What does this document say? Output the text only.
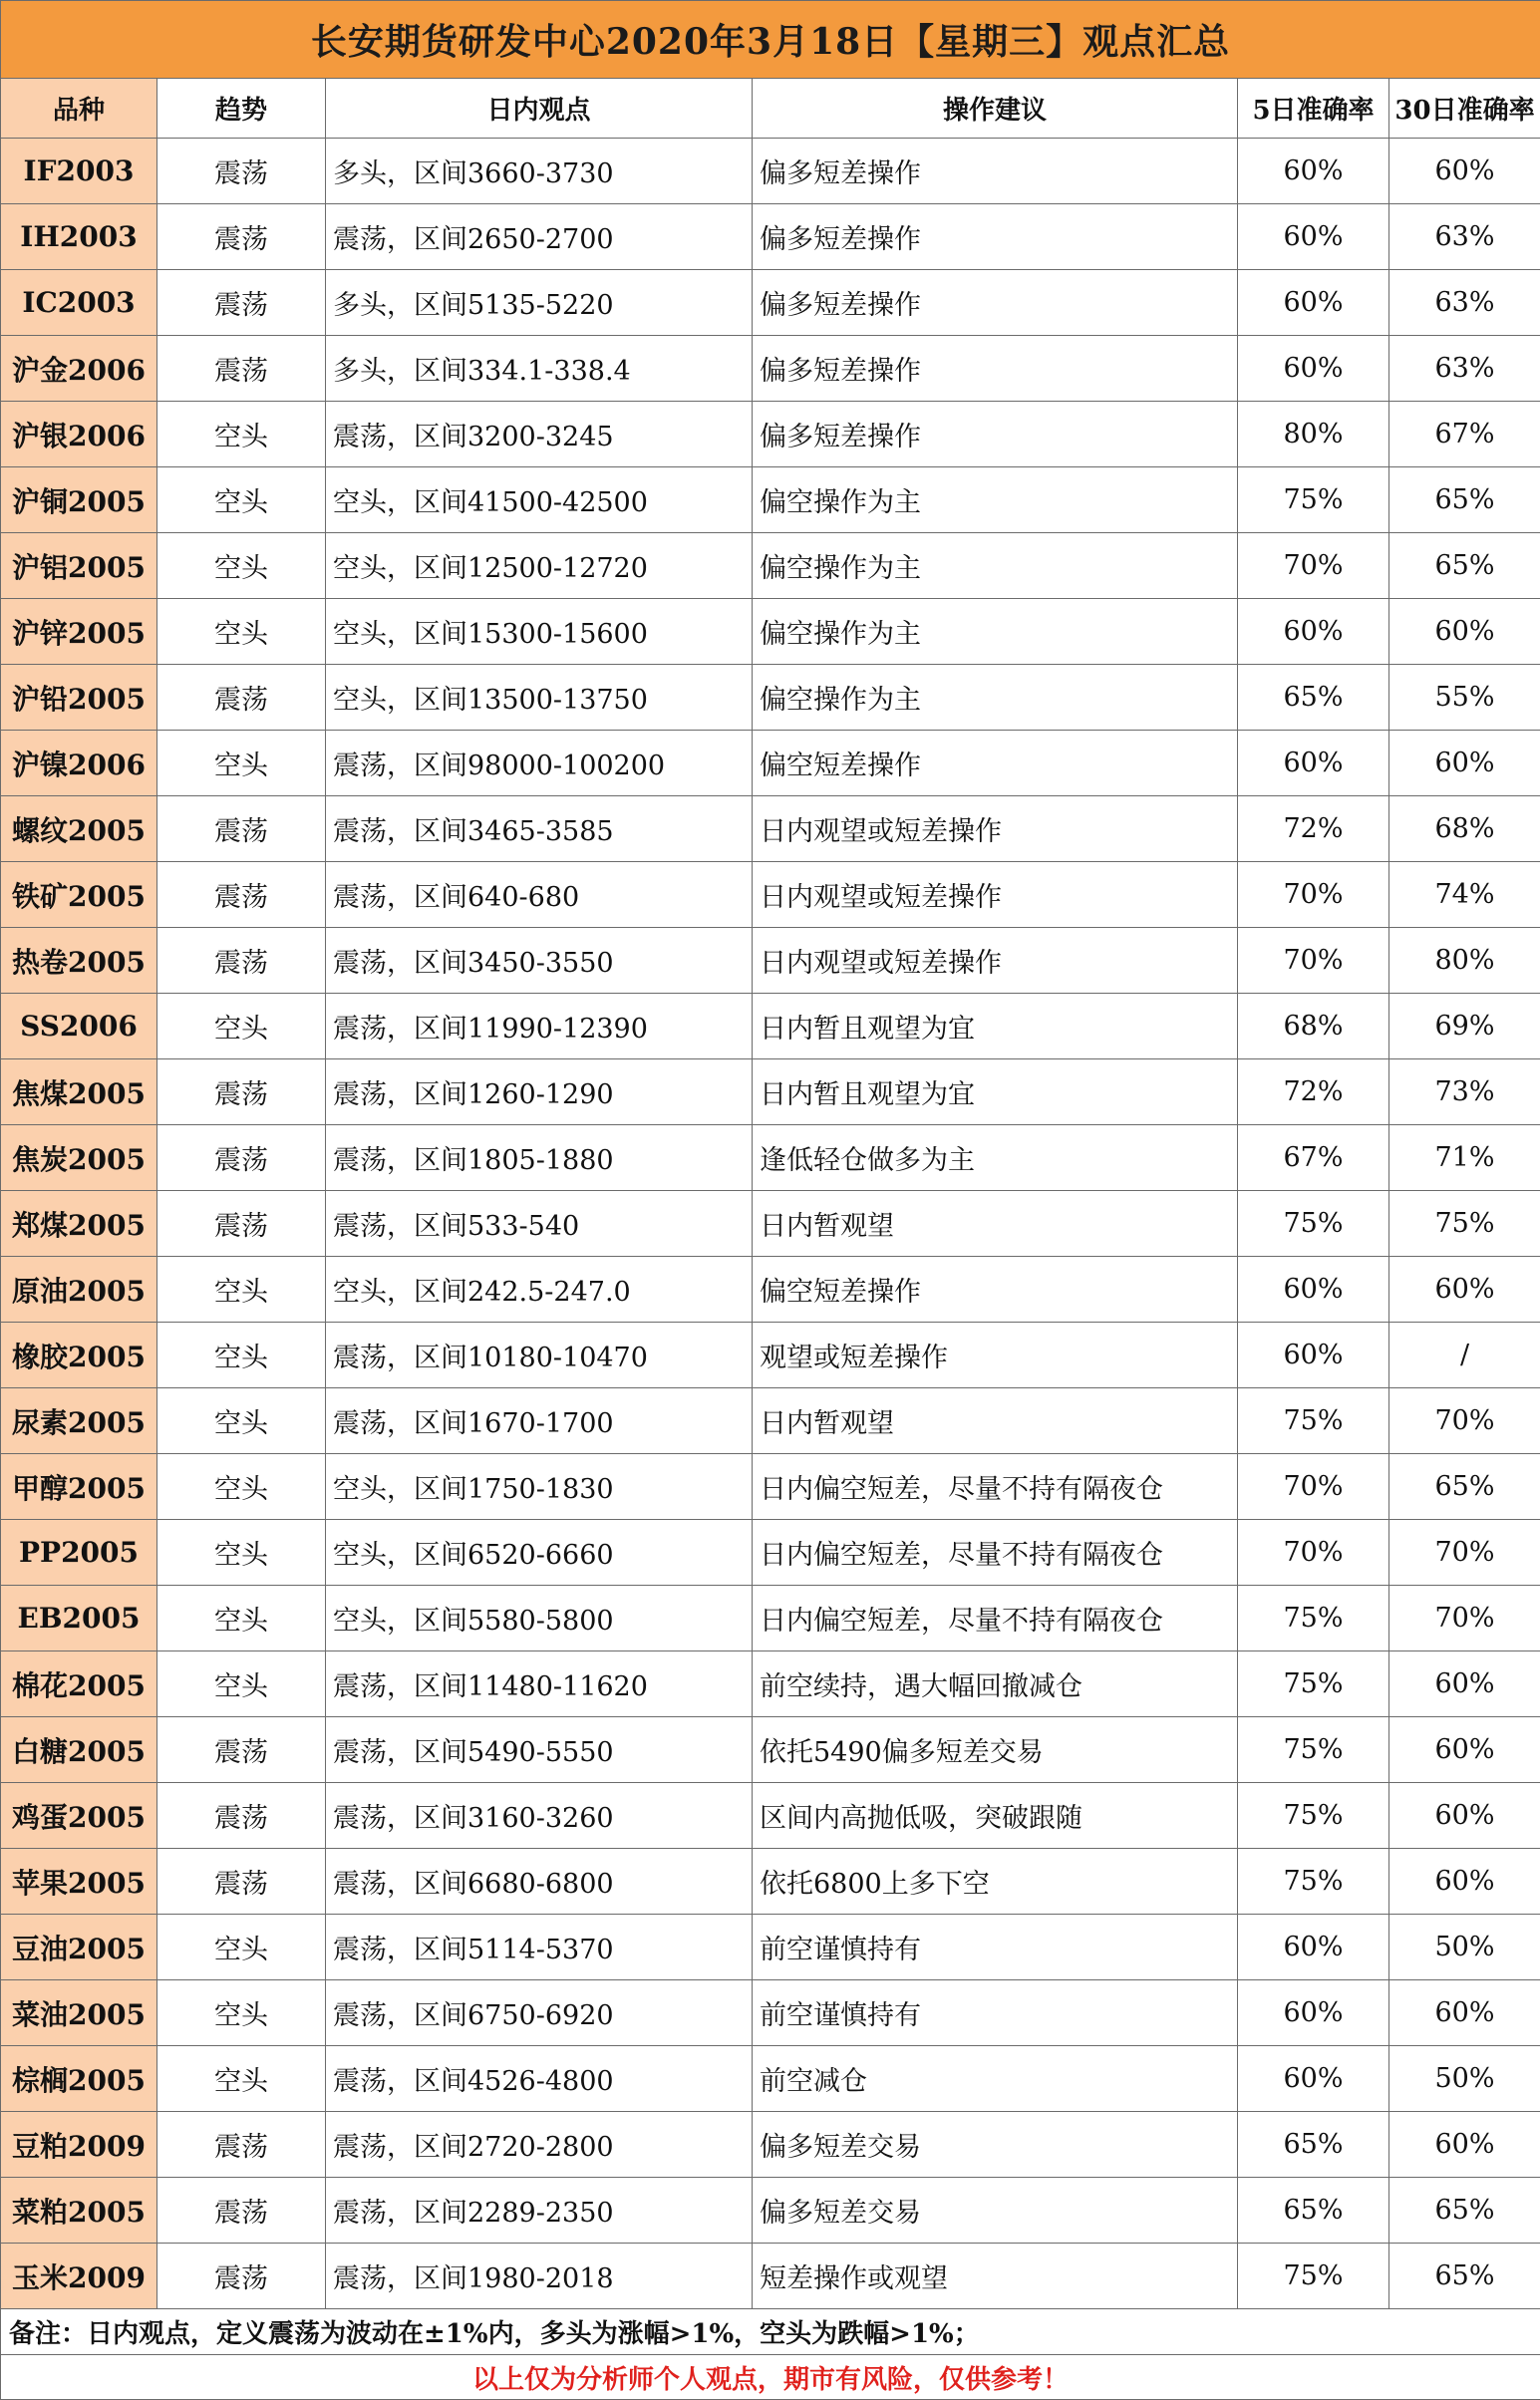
长安期货研发中心2020年3月18日【星期三】观点汇总					
品种	趋势	日内观点	操作建议	5日准确率	30日准确率
IF2003	震荡	多头，区间3660-3730	偏多短差操作	60%	60%
IH2003	震荡	震荡，区间2650-2700	偏多短差操作	60%	63%
IC2003	震荡	多头，区间5135-5220	偏多短差操作	60%	63%
沪金2006	震荡	多头，区间334.1-338.4	偏多短差操作	60%	63%
沪银2006	空头	震荡，区间3200-3245	偏多短差操作	80%	67%
沪铜2005	空头	空头，区间41500-42500	偏空操作为主	75%	65%
沪铝2005	空头	空头，区间12500-12720	偏空操作为主	70%	65%
沪锌2005	空头	空头，区间15300-15600	偏空操作为主	60%	60%
沪铅2005	震荡	空头，区间13500-13750	偏空操作为主	65%	55%
沪镍2006	空头	震荡，区间98000-100200	偏空短差操作	60%	60%
螺纹2005	震荡	震荡，区间3465-3585	日内观望或短差操作	72%	68%
铁矿2005	震荡	震荡，区间640-680	日内观望或短差操作	70%	74%
热卷2005	震荡	震荡，区间3450-3550	日内观望或短差操作	70%	80%
SS2006	空头	震荡，区间11990-12390	日内暂且观望为宜	68%	69%
焦煤2005	震荡	震荡，区间1260-1290	日内暂且观望为宜	72%	73%
焦炭2005	震荡	震荡，区间1805-1880	逢低轻仓做多为主	67%	71%
郑煤2005	震荡	震荡，区间533-540	日内暂观望	75%	75%
原油2005	空头	空头，区间242.5-247.0	偏空短差操作	60%	60%
橡胶2005	空头	震荡，区间10180-10470	观望或短差操作	60%	/
尿素2005	空头	震荡，区间1670-1700	日内暂观望	75%	70%
甲醇2005	空头	空头，区间1750-1830	日内偏空短差，尽量不持有隔夜仓	70%	65%
PP2005	空头	空头，区间6520-6660	日内偏空短差，尽量不持有隔夜仓	70%	70%
EB2005	空头	空头，区间5580-5800	日内偏空短差，尽量不持有隔夜仓	75%	70%
棉花2005	空头	震荡，区间11480-11620	前空续持，遇大幅回撤减仓	75%	60%
白糖2005	震荡	震荡，区间5490-5550	依托5490偏多短差交易	75%	60%
鸡蛋2005	震荡	震荡，区间3160-3260	区间内高抛低吸，突破跟随	75%	60%
苹果2005	震荡	震荡，区间6680-6800	依托6800上多下空	75%	60%
豆油2005	空头	震荡，区间5114-5370	前空谨慎持有	60%	50%
菜油2005	空头	震荡，区间6750-6920	前空谨慎持有	60%	60%
棕榈2005	空头	震荡，区间4526-4800	前空减仓	60%	50%
豆粕2009	震荡	震荡，区间2720-2800	偏多短差交易	65%	60%
菜粕2005	震荡	震荡，区间2289-2350	偏多短差交易	65%	65%
玉米2009	震荡	震荡，区间1980-2018	短差操作或观望	75%	65%
备注：日内观点，定义震荡为波动在±1%内，多头为涨幅>1%，空头为跌幅>1%；					
以上仅为分析师个人观点，期市有风险，仅供参考！					
